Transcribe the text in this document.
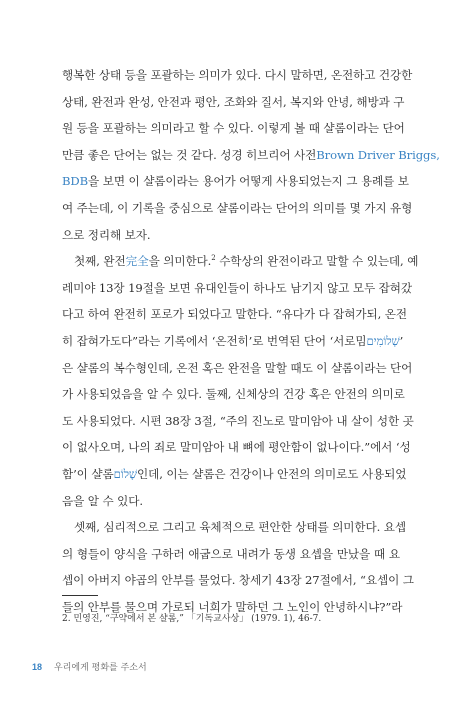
행복한 상태 등을 포괄하는 의미가 있다. 다시 말하면, 온전하고 건강한
상태, 완전과 완성, 안전과 평안, 조화와 질서, 복지와 안녕, 해방과 구
원 등을 포괄하는 의미라고 할 수 있다. 이렇게 볼 때 샬롬이라는 단어
만큼 좋은 단어는 없는 것 같다. 성경 히브리어 사전Brown Driver Briggs,
BDB을 보면 이 샬롬이라는 용어가 어떻게 사용되었는지 그 용례를 보
여 주는데, 이 기록을 중심으로 샬롬이라는 단어의 의미를 몇 가지 유형
으로 정리해 보자.
첫째, 완전完全을 의미한다.$^2$ 수학상의 완전이라고 말할 수 있는데, 예
레미야 13장 19절을 보면 유대인들이 하나도 남기지 않고 모두 잡혀갔
다고 하여 완전히 포로가 되었다고 말한다. “유다가 다 잡혀가되, 온전
히 잡혀가도다”라는 기록에서 ‘온전히’로 번역된 단어 ‘서로밈שְׁלוֹמִים’
은 샬롬의 복수형인데, 온전 혹은 완전을 말할 때도 이 샬롬이라는 단어
가 사용되었음을 알 수 있다. 둘째, 신체상의 건강 혹은 안전의 의미로
도 사용되었다. 시편 38장 3절, “주의 진노로 말미암아 내 살이 성한 곳
이 없사오며, 나의 죄로 말미암아 내 뼈에 평안함이 없나이다.”에서 ‘성
함’이 샬롬שָׁלוֹם인데, 이는 샬롬은 건강이나 안전의 의미로도 사용되었
음을 알 수 있다.
셋째, 심리적으로 그리고 육체적으로 편안한 상태를 의미한다. 요셉
의 형들이 양식을 구하러 애굽으로 내려가 동생 요셉을 만났을 때 요
셉이 아버지 야곱의 안부를 물었다. 창세기 43장 27절에서, “요셉이 그
들의 안부를 물으며 가로되 너희가 말하던 그 노인이 안녕하시냐?”라
2. 민영진, “구약에서 본 샬롬,” 「기독교사상」 (1979. 1), 46-7.
18 우리에게 평화를 주소서
